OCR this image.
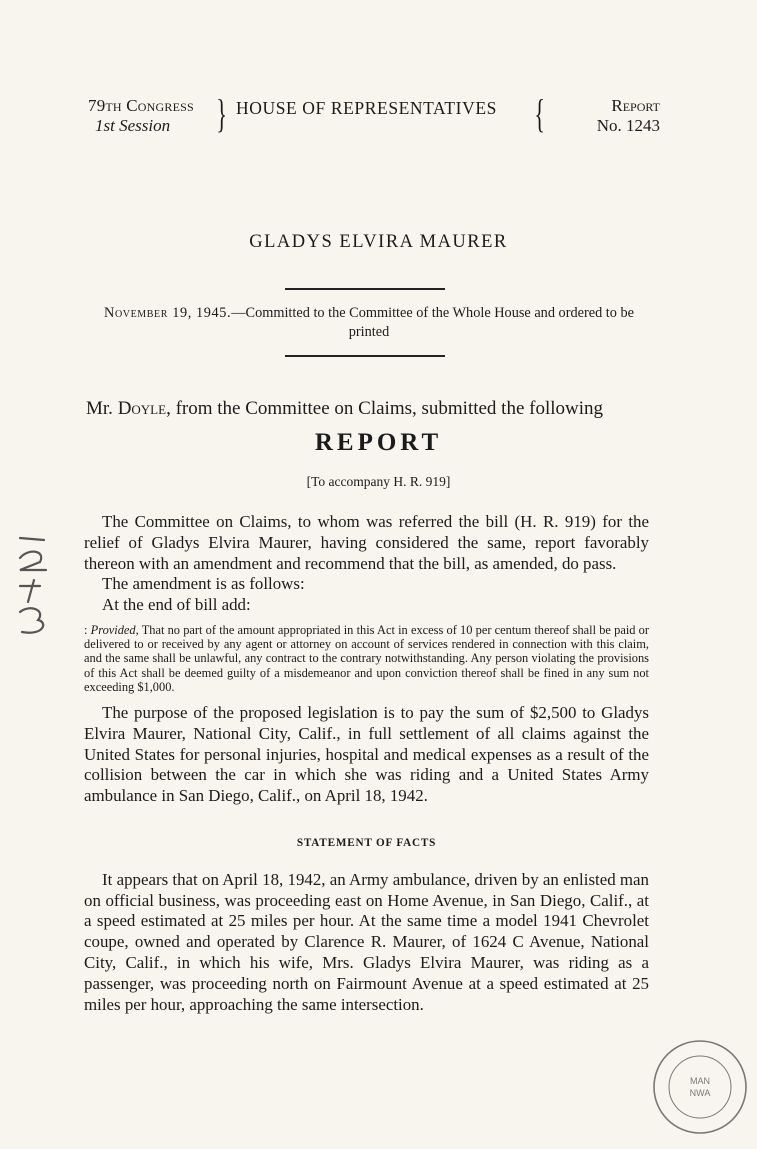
79th Congress
1st Session	} HOUSE OF REPRESENTATIVES {	Report
No. 1243
GLADYS ELVIRA MAURER
November 19, 1945.—Committed to the Committee of the Whole House and ordered to be printed
Mr. Doyle, from the Committee on Claims, submitted the following
REPORT
[To accompany H. R. 919]

The Committee on Claims, to whom was referred the bill (H. R. 919) for the relief of Gladys Elvira Maurer, having considered the same, report favorably thereon with an amendment and recommend that the bill, as amended, do pass.

The amendment is as follows:

At the end of bill add:

: Provided, That no part of the amount appropriated in this Act in excess of 10 per centum thereof shall be paid or delivered to or received by any agent or attorney on account of services rendered in connection with this claim, and the same shall be unlawful, any contract to the contrary notwithstanding. Any person violating the provisions of this Act shall be deemed guilty of a misdemeanor and upon conviction thereof shall be fined in any sum not exceeding $1,000.

The purpose of the proposed legislation is to pay the sum of $2,500 to Gladys Elvira Maurer, National City, Calif., in full settlement of all claims against the United States for personal injuries, hospital and medical expenses as a result of the collision between the car in which she was riding and a United States Army ambulance in San Diego, Calif., on April 18, 1942.

STATEMENT OF FACTS

It appears that on April 18, 1942, an Army ambulance, driven by an enlisted man on official business, was proceeding east on Home Avenue, in San Diego, Calif., at a speed estimated at 25 miles per hour. At the same time a model 1941 Chevrolet coupe, owned and operated by Clarence R. Maurer, of 1624 C Avenue, National City, Calif., in which his wife, Mrs. Gladys Elvira Maurer, was riding as a passenger, was proceeding north on Fairmount Avenue at a speed estimated at 25 miles per hour, approaching the same intersection.

MAN
NWA
